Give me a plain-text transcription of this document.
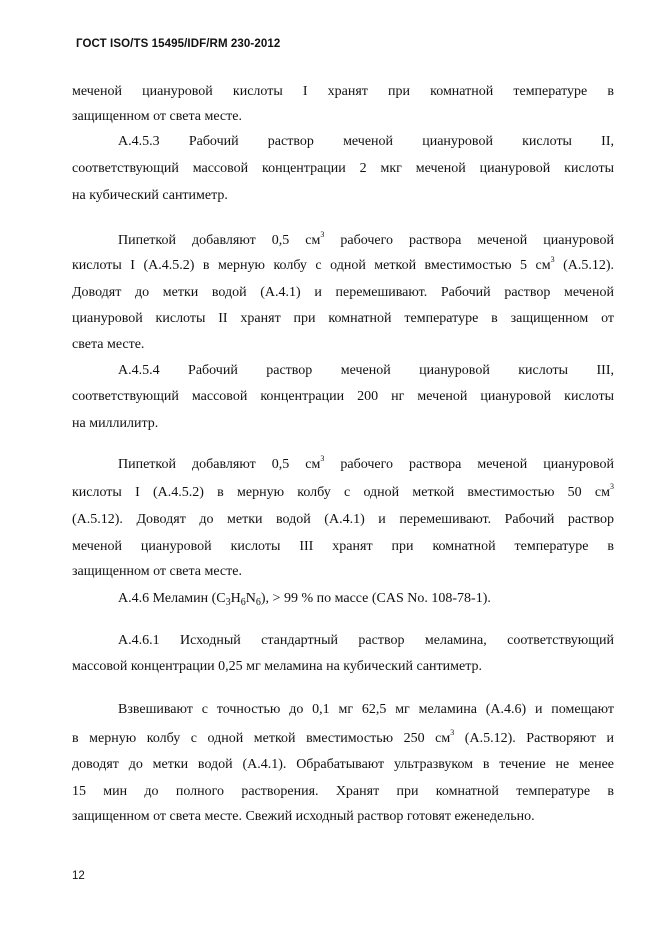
ГОСТ ISO/TS 15495/IDF/RM 230-2012
меченой циануровой кислоты I хранят при комнатной температуре в
защищенном от света месте.
А.4.5.3 Рабочий раствор меченой циануровой кислоты II,
соответствующий массовой концентрации 2 мкг меченой циануровой кислоты
на кубический сантиметр.
Пипеткой добавляют 0,5 $см^3$ рабочего раствора меченой циануровой
кислоты I (А.4.5.2) в мерную колбу с одной меткой вместимостью 5 $см^3$ (А.5.12).
Доводят до метки водой (А.4.1) и перемешивают. Рабочий раствор меченой
циануровой кислоты II хранят при комнатной температуре в защищенном от
света месте.
А.4.5.4 Рабочий раствор меченой циануровой кислоты III,
соответствующий массовой концентрации 200 нг меченой циануровой кислоты
на миллилитр.
Пипеткой добавляют 0,5 $см^3$ рабочего раствора меченой циануровой
кислоты I (А.4.5.2) в мерную колбу с одной меткой вместимостью 50 $см^3$
(А.5.12). Доводят до метки водой (А.4.1) и перемешивают. Рабочий раствор
меченой циануровой кислоты III хранят при комнатной температуре в
защищенном от света месте.
А.4.6 Меламин $(C_3H_6N_6)$, > 99 % по массе (CAS No. 108-78-1).
А.4.6.1 Исходный стандартный раствор меламина, соответствующий
массовой концентрации 0,25 мг меламина на кубический сантиметр.
Взвешивают с точностью до 0,1 мг 62,5 мг меламина (А.4.6) и помещают
в мерную колбу с одной меткой вместимостью 250 $см^3$ (А.5.12). Растворяют и
доводят до метки водой (А.4.1). Обрабатывают ультразвуком в течение не менее
15 мин до полного растворения. Хранят при комнатной температуре в
защищенном от света месте. Свежий исходный раствор готовят еженедельно.
12
